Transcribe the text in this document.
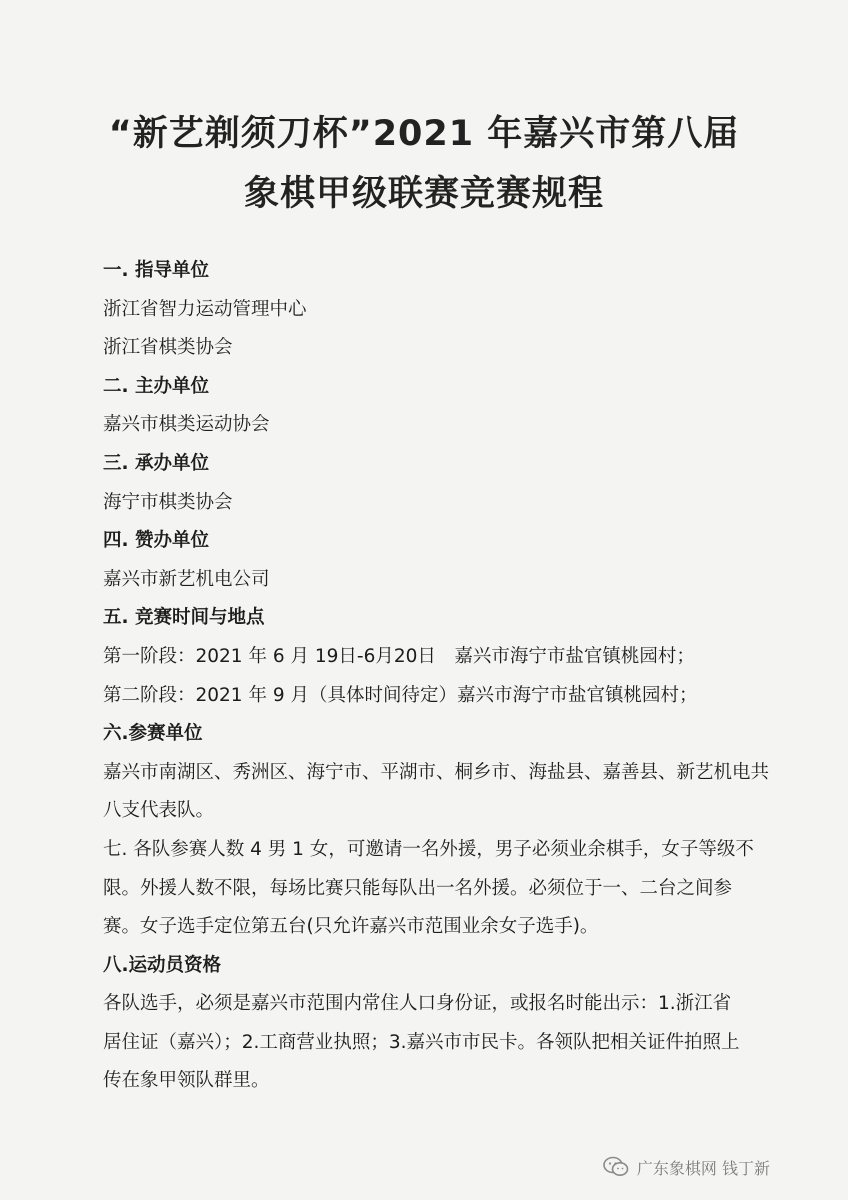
“新艺剃须刀杯”2021 年嘉兴市第八届
象棋甲级联赛竞赛规程
一. 指导单位
浙江省智力运动管理中心
浙江省棋类协会
二. 主办单位
嘉兴市棋类运动协会
三. 承办单位
海宁市棋类协会
四. 赞办单位
嘉兴市新艺机电公司
五. 竞赛时间与地点
第一阶段：2021 年 6 月 19日-6月20日　嘉兴市海宁市盐官镇桃园村；
第二阶段：2021 年 9 月（具体时间待定）嘉兴市海宁市盐官镇桃园村；
六.参赛单位
嘉兴市南湖区、秀洲区、海宁市、平湖市、桐乡市、海盐县、嘉善县、新艺机电共
八支代表队。
七. 各队参赛人数 4 男 1 女，可邀请一名外援，男子必须业余棋手，女子等级不
限。外援人数不限，每场比赛只能每队出一名外援。必须位于一、二台之间参
赛。女子选手定位第五台(只允许嘉兴市范围业余女子选手)。
八.运动员资格
各队选手，必须是嘉兴市范围内常住人口身份证，或报名时能出示：1.浙江省
居住证（嘉兴）；2.工商营业执照；3.嘉兴市市民卡。各领队把相关证件拍照上
传在象甲领队群里。
广东象棋网 钱丁新
